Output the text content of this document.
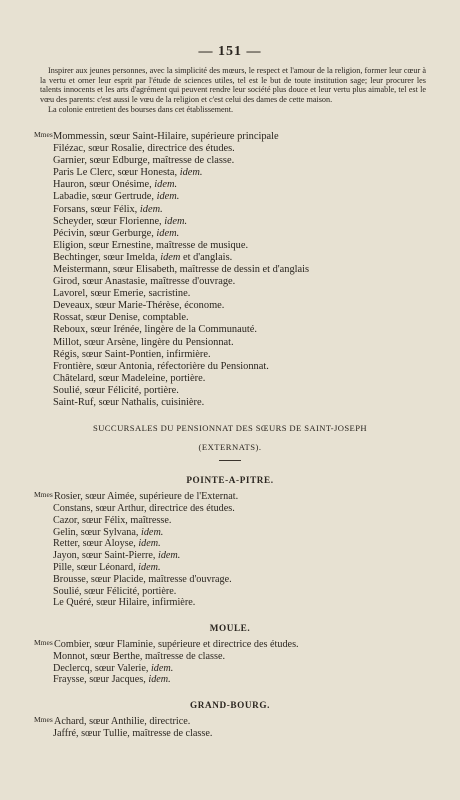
— 151 —

Inspirer aux jeunes personnes, avec la simplicité des mœurs, le respect et l'amour de la religion, former leur cœur à la vertu et orner leur esprit par l'étude de sciences utiles, tel est le but de toute institution sage; leur procurer les talents innocents et les arts d'agrément qui peuvent rendre leur société plus douce et leur vertu plus aimable, tel est le vœu des parents: c'est aussi le vœu de la religion et c'est celui des dames de cette maison.

La colonie entretient des bourses dans cet établissement.

MmesMommessin, sœur Saint-Hilaire, supérieure principale
Filézac, sœur Rosalie, directrice des études.
Garnier, sœur Edburge, maîtresse de classe.
Paris Le Clerc, sœur Honesta, idem.
Hauron, sœur Onésime, idem.
Labadie, sœur Gertrude, idem.
Forsans, sœur Félix, idem.
Scheyder, sœur Florienne, idem.
Pécivin, sœur Gerburge, idem.
Eligion, sœur Ernestine, maîtresse de musique.
Bechtinger, sœur Imelda, idem et d'anglais.
Meistermann, sœur Elisabeth, maîtresse de dessin et d'anglais
Girod, sœur Anastasie, maîtresse d'ouvrage.
Lavorel, sœur Emerie, sacristine.
Deveaux, sœur Marie-Thérèse, économe.
Rossat, sœur Denise, comptable.
Reboux, sœur Irénée, lingère de la Communauté.
Millot, sœur Arsène, lingère du Pensionnat.
Régis, sœur Saint-Pontien, infirmière.
Frontière, sœur Antonia, réfectorière du Pensionnat.
Châtelard, sœur Madeleine, portière.
Soulié, sœur Félicité, portière.
Saint-Ruf, sœur Nathalis, cuisinière.
SUCCURSALES DU PENSIONNAT DES SŒURS DE SAINT-JOSEPH
(EXTERNATS).
POINTE-A-PITRE.
MmesRosier, sœur Aimée, supérieure de l'Externat.
Constans, sœur Arthur, directrice des études.
Cazor, sœur Félix, maîtresse.
Gelin, sœur Sylvana, idem.
Retter, sœur Aloyse, idem.
Jayon, sœur Saint-Pierre, idem.
Pille, sœur Léonard, idem.
Brousse, sœur Placide, maîtresse d'ouvrage.
Soulié, sœur Félicité, portière.
Le Quéré, sœur Hilaire, infirmière.
MOULE.
MmesCombier, sœur Flaminie, supérieure et directrice des études.
Monnot, sœur Berthe, maîtresse de classe.
Declercq, sœur Valerie, idem.
Fraysse, sœur Jacques, idem.
GRAND-BOURG.
MmesAchard, sœur Anthilie, directrice.
Jaffré, sœur Tullie, maîtresse de classe.
